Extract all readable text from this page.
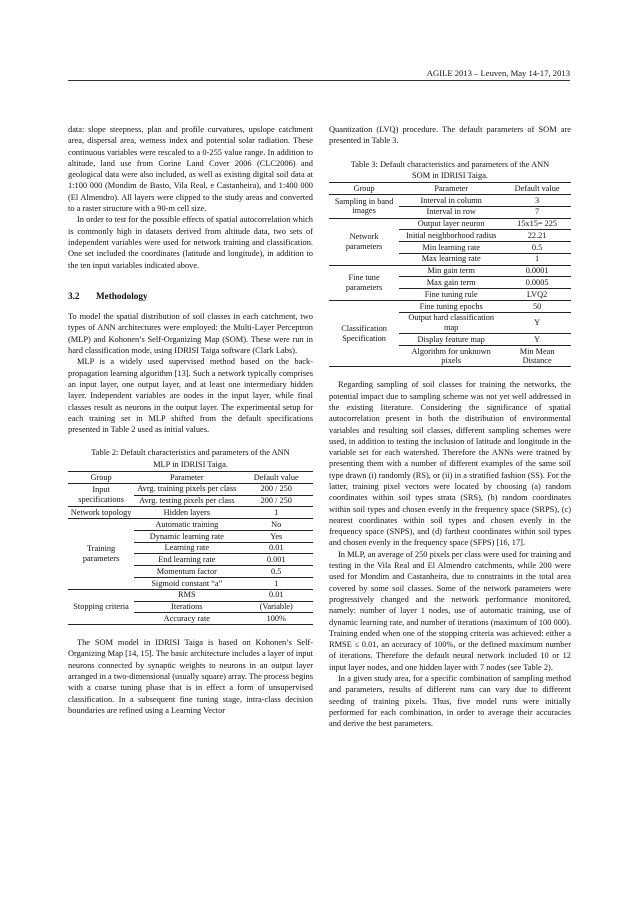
AGILE 2013 – Leuven, May 14-17, 2013

data: slope steepness, plan and profile curvatures, upslope catchment area, dispersal area, wetness index and potential solar radiation. These continuous variables were rescaled to a 0-255 value range. In addition to altitude, land use from Corine Land Cover 2006 (CLC2006) and geological data were also included, as well as existing digital soil data at 1:100 000 (Mondim de Basto, Vila Real, e Castanheira), and 1:400 000 (El Almendro). All layers were clipped to the study areas and converted to a raster structure with a 90-m cell size.

In order to test for the possible effects of spatial autocorrelation which is commonly high in datasets derived from altitude data, two sets of independent variables were used for network training and classification. One set included the coordinates (latitude and longitude), in addition to the ten input variables indicated above.

3.2 Methodology

To model the spatial distribution of soil classes in each catchment, two types of ANN architectures were employed: the Multi-Layer Perceptron (MLP) and Kohonen’s Self-Organizing Map (SOM). These were run in hard classification mode, using IDRISI Taiga software (Clark Labs).

MLP is a widely used supervised method based on the back-propagation learning algorithm [13]. Such a network typically comprises an input layer, one output layer, and at least one intermediary hidden layer. Independent variables are nodes in the input layer, while final classes result as neurons in the output layer. The experimental setup for each training set in MLP shifted from the default specifications presented in Table 2 used as initial values.

Table 2: Default characteristics and parameters of the ANN
MLP in IDRISI Taiga.
Group	Parameter	Default value
Input specifications	Avrg. training pixels per class	200 / 250
	Avrg. testing pixels per class	200 / 250
Network topology	Hidden layers	1
Training parameters	Automatic training	No
	Dynamic learning rate	Yes
	Learning rate	0.01
	End learning rate	0.001
	Momentum factor	0.5
	Sigmoid constant “a”	1
Stopping criteria	RMS	0.01
	Iterations	(Variable)
	Accuracy rate	100%

The SOM model in IDRISI Taiga is based on Kohonen’s Self-Organizing Map [14, 15]. The basic architecture includes a layer of input neurons connected by synaptic weights to neurons in an output layer arranged in a two-dimensional (usually square) array. The process begins with a coarse tuning phase that is in effect a form of unsupervised classification. In a subsequent fine tuning stage, intra-class decision boundaries are refined using a Learning Vector

Quantization (LVQ) procedure. The default parameters of SOM are presented in Table 3.

Table 3: Default characteristics and parameters of the ANN
SOM in IDRISI Taiga.
Group	Parameter	Default value
Sampling in band images	Interval in column	3
	Interval in row	7
Network parameters	Output layer neuron	15x15= 225
	Initial neighborhood radius	22.21
	Min learning rate	0.5
	Max learning rate	1
Fine tune parameters	Min gain term	0.0001
	Max gain term	0.0005
	Fine tuning rule	LVQ2
Classification Specification	Fine tuning epochs	50
	Output hard classification map	Y
	Display feature map	Y
	Algorithm for unknown pixels	Min Mean Distance

Regarding sampling of soil classes for training the networks, the potential impact due to sampling scheme was not yet well addressed in the existing literature. Considering the significance of spatial autocorrelation present in both the distribution of environmental variables and resulting soil classes, different sampling schemes were used, in addition to testing the inclusion of latitude and longitude in the variable set for each watershed. Therefore the ANNs were trained by presenting them with a number of different examples of the same soil type drawn (i) randomly (RS), or (ii) in a stratified fashion (SS). For the latter, training pixel vectors were located by choosing (a) random coordinates within soil types strata (SRS), (b) random coordinates within soil types and chosen evenly in the frequency space (SRPS), (c) nearest coordinates within soil types and chosen evenly in the frequency space (SNPS), and (d) farthest coordinates within soil types and chosen evenly in the frequency space (SFPS) [16, 17].

In MLP, an average of 250 pixels per class were used for training and testing in the Vila Real and El Almendro catchments, while 200 were used for Mondim and Castanheira, due to constraints in the total area covered by some soil classes. Some of the network parameters were progressively changed and the network performance monitored, namely: number of layer 1 nodes, use of automatic training, use of dynamic learning rate, and number of iterations (maximum of 100 000). Training ended when one of the stopping criteria was achieved: either a RMSE ≤ 0.01, an accuracy of 100%, or the defined maximum number of iterations. Therefore the default neural network included 10 or 12 input layer nodes, and one hidden layer with 7 nodes (see Table 2).

In a given study area, for a specific combination of sampling method and parameters, results of different runs can vary due to different seeding of training pixels. Thus, five model runs were initially performed for each combination, in order to average their accuracies and derive the best parameters.
